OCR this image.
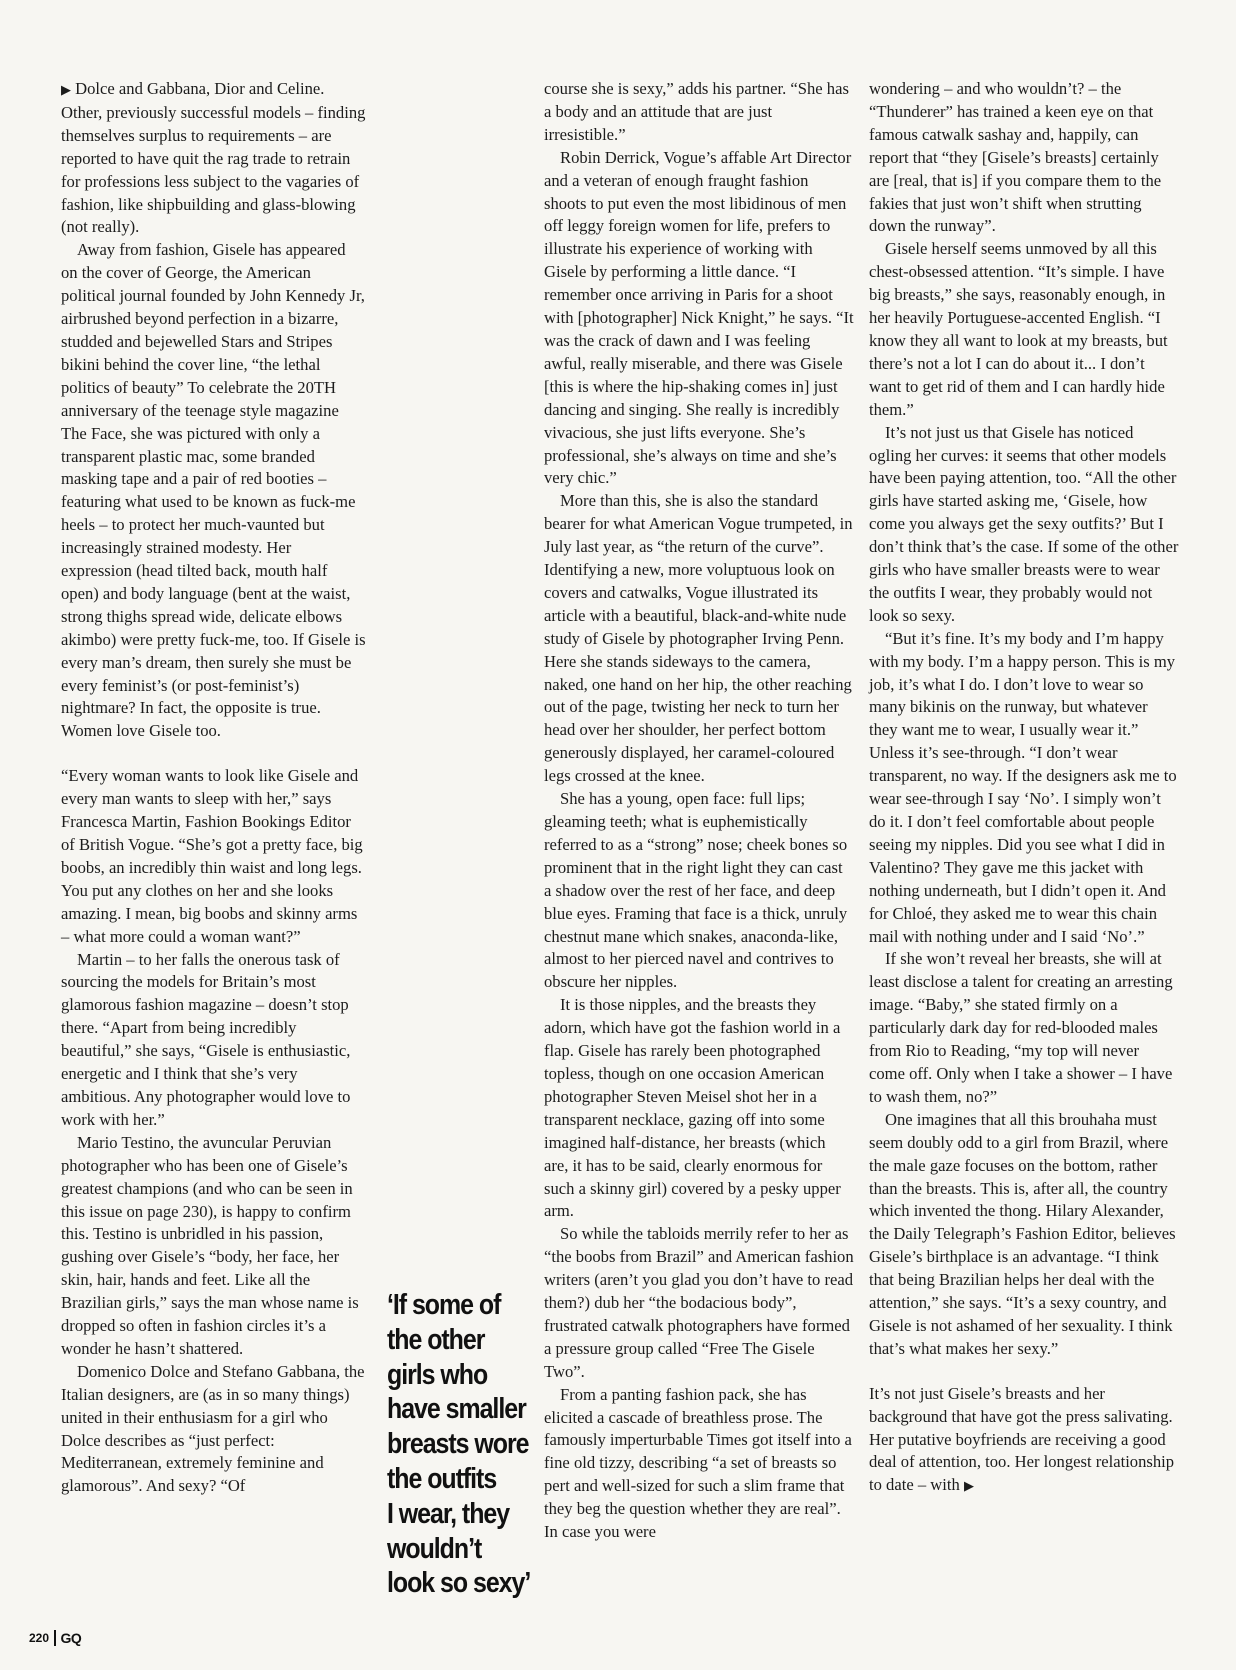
▶ Dolce and Gabbana, Dior and Celine. Other, previously successful models – finding themselves surplus to requirements – are reported to have quit the rag trade to retrain for professions less subject to the vagaries of fashion, like shipbuilding and glass-blowing (not really).

Away from fashion, Gisele has appeared on the cover of George, the American political journal founded by John Kennedy Jr, airbrushed beyond perfection in a bizarre, studded and bejewelled Stars and Stripes bikini behind the cover line, “the lethal politics of beauty” To celebrate the 20TH anniversary of the teenage style magazine The Face, she was pictured with only a transparent plastic mac, some branded masking tape and a pair of red booties – featuring what used to be known as fuck-me heels – to protect her much-vaunted but increasingly strained modesty. Her expression (head tilted back, mouth half open) and body language (bent at the waist, strong thighs spread wide, delicate elbows akimbo) were pretty fuck-me, too. If Gisele is every man’s dream, then surely she must be every feminist’s (or post-feminist’s) nightmare? In fact, the opposite is true. Women love Gisele too.

“Every woman wants to look like Gisele and every man wants to sleep with her,” says Francesca Martin, Fashion Bookings Editor of British Vogue. “She’s got a pretty face, big boobs, an incredibly thin waist and long legs. You put any clothes on her and she looks amazing. I mean, big boobs and skinny arms – what more could a woman want?”

Martin – to her falls the onerous task of sourcing the models for Britain’s most glamorous fashion magazine – doesn’t stop there. “Apart from being incredibly beautiful,” she says, “Gisele is enthusiastic, energetic and I think that she’s very ambitious. Any photographer would love to work with her.”

Mario Testino, the avuncular Peruvian photographer who has been one of Gisele’s greatest champions (and who can be seen in this issue on page 230), is happy to confirm this. Testino is unbridled in his passion, gushing over Gisele’s “body, her face, her skin, hair, hands and feet. Like all the Brazilian girls,” says the man whose name is dropped so often in fashion circles it’s a wonder he hasn’t shattered.

Domenico Dolce and Stefano Gabbana, the Italian designers, are (as in so many things) united in their enthusiasm for a girl who Dolce describes as “just perfect: Mediterranean, extremely feminine and glamorous”. And sexy? “Of

‘If some of
the other
girls who
have smaller
breasts wore
the outfits
I wear, they
wouldn’t
look so sexy’

course she is sexy,” adds his partner. “She has a body and an attitude that are just irresistible.”

Robin Derrick, Vogue’s affable Art Director and a veteran of enough fraught fashion shoots to put even the most libidinous of men off leggy foreign women for life, prefers to illustrate his experience of working with Gisele by performing a little dance. “I remember once arriving in Paris for a shoot with [photographer] Nick Knight,” he says. “It was the crack of dawn and I was feeling awful, really miserable, and there was Gisele [this is where the hip-shaking comes in] just dancing and singing. She really is incredibly vivacious, she just lifts everyone. She’s professional, she’s always on time and she’s very chic.”

More than this, she is also the standard bearer for what American Vogue trumpeted, in July last year, as “the return of the curve”. Identifying a new, more voluptuous look on covers and catwalks, Vogue illustrated its article with a beautiful, black-and-white nude study of Gisele by photographer Irving Penn. Here she stands sideways to the camera, naked, one hand on her hip, the other reaching out of the page, twisting her neck to turn her head over her shoulder, her perfect bottom generously displayed, her caramel-coloured legs crossed at the knee.

She has a young, open face: full lips; gleaming teeth; what is euphemistically referred to as a “strong” nose; cheek bones so prominent that in the right light they can cast a shadow over the rest of her face, and deep blue eyes. Framing that face is a thick, unruly chestnut mane which snakes, anaconda-like, almost to her pierced navel and contrives to obscure her nipples.

It is those nipples, and the breasts they adorn, which have got the fashion world in a flap. Gisele has rarely been photographed topless, though on one occasion American photographer Steven Meisel shot her in a transparent necklace, gazing off into some imagined half-distance, her breasts (which are, it has to be said, clearly enormous for such a skinny girl) covered by a pesky upper arm.

So while the tabloids merrily refer to her as “the boobs from Brazil” and American fashion writers (aren’t you glad you don’t have to read them?) dub her “the bodacious body”, frustrated catwalk photographers have formed a pressure group called “Free The Gisele Two”.

From a panting fashion pack, she has elicited a cascade of breathless prose. The famously imperturbable Times got itself into a fine old tizzy, describing “a set of breasts so pert and well-sized for such a slim frame that they beg the question whether they are real”. In case you were

wondering – and who wouldn’t? – the “Thunderer” has trained a keen eye on that famous catwalk sashay and, happily, can report that “they [Gisele’s breasts] certainly are [real, that is] if you compare them to the fakies that just won’t shift when strutting down the runway”.

Gisele herself seems unmoved by all this chest-obsessed attention. “It’s simple. I have big breasts,” she says, reasonably enough, in her heavily Portuguese-accented English. “I know they all want to look at my breasts, but there’s not a lot I can do about it... I don’t want to get rid of them and I can hardly hide them.”

It’s not just us that Gisele has noticed ogling her curves: it seems that other models have been paying attention, too. “All the other girls have started asking me, ‘Gisele, how come you always get the sexy outfits?’ But I don’t think that’s the case. If some of the other girls who have smaller breasts were to wear the outfits I wear, they probably would not look so sexy.

“But it’s fine. It’s my body and I’m happy with my body. I’m a happy person. This is my job, it’s what I do. I don’t love to wear so many bikinis on the runway, but whatever they want me to wear, I usually wear it.” Unless it’s see-through. “I don’t wear transparent, no way. If the designers ask me to wear see-through I say ‘No’. I simply won’t do it. I don’t feel comfortable about people seeing my nipples. Did you see what I did in Valentino? They gave me this jacket with nothing underneath, but I didn’t open it. And for Chloé, they asked me to wear this chain mail with nothing under and I said ‘No’.”

If she won’t reveal her breasts, she will at least disclose a talent for creating an arresting image. “Baby,” she stated firmly on a particularly dark day for red-blooded males from Rio to Reading, “my top will never come off. Only when I take a shower – I have to wash them, no?”

One imagines that all this brouhaha must seem doubly odd to a girl from Brazil, where the male gaze focuses on the bottom, rather than the breasts. This is, after all, the country which invented the thong. Hilary Alexander, the Daily Telegraph’s Fashion Editor, believes Gisele’s birthplace is an advantage. “I think that being Brazilian helps her deal with the attention,” she says. “It’s a sexy country, and Gisele is not ashamed of her sexuality. I think that’s what makes her sexy.”

It’s not just Gisele’s breasts and her background that have got the press salivating. Her putative boyfriends are receiving a good deal of attention, too. Her longest relationship to date – with ▶

220 GQ
